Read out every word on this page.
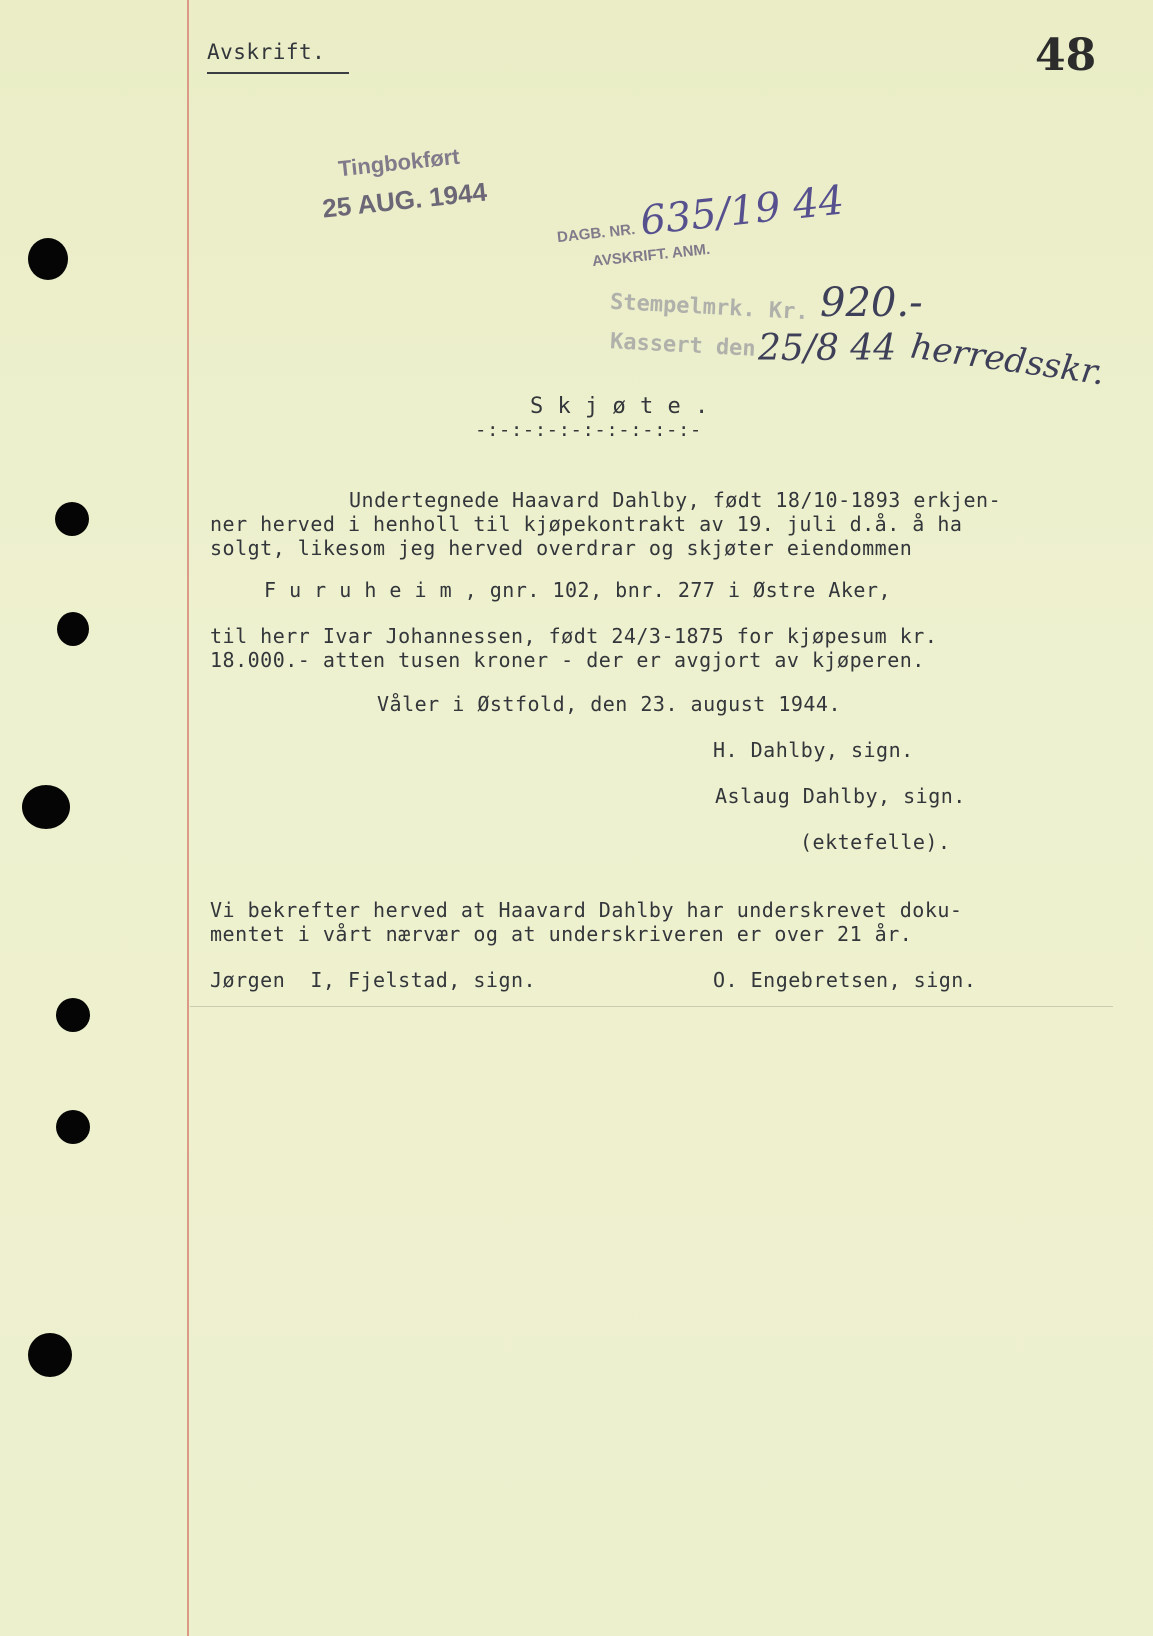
Avskrift.	48

Tingbokført

25 AUG. 1944

DAGB. NR. 635/19 44

AVSKRIFT. ANM.

Stempelmrk. Kr. 920.-

Kassert den 25/8 44 herredsskr.

S k j ø t e .

-:-:-:-:-:-:-:-:-:-

Undertegnede Haavard Dahlby, født 18/10-1893 erkjen-

ner herved i henholl til kjøpekontrakt av 19. juli d.å. å ha

solgt, likesom jeg herved overdrar og skjøter eiendommen

F u r u h e i m , gnr. 102, bnr. 277 i Østre Aker,

til herr Ivar Johannessen, født 24/3-1875 for kjøpesum kr.

18.000.- atten tusen kroner - der er avgjort av kjøperen.

Våler i Østfold, den 23. august 1944.

H. Dahlby, sign.

Aslaug Dahlby, sign.

(ektefelle).

Vi bekrefter herved at Haavard Dahlby har underskrevet doku-

mentet i vårt nærvær og at underskriveren er over 21 år.

Jørgen  I, Fjelstad, sign.	O. Engebretsen, sign.
